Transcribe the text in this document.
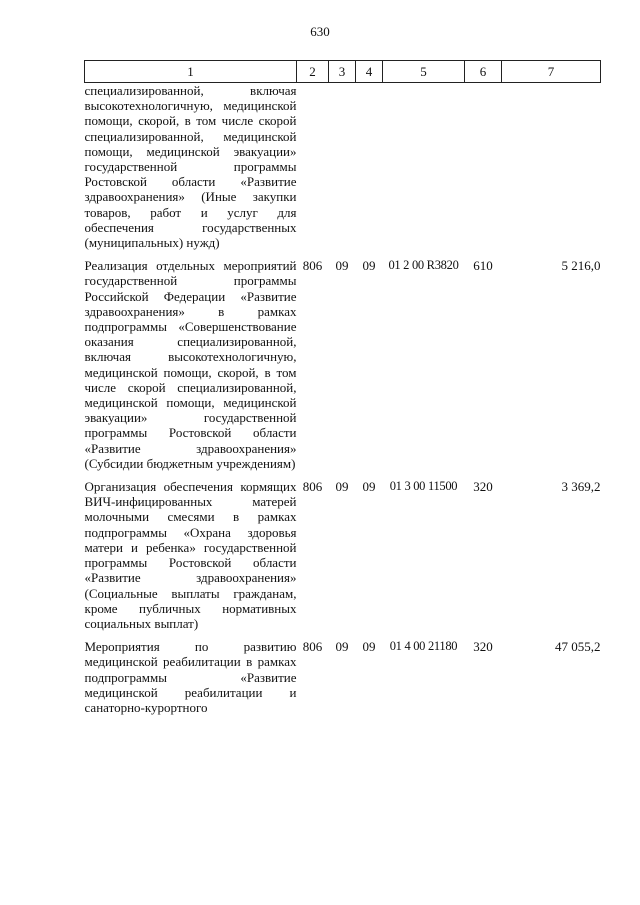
630
1	2	3	4	5	6	7
специализированной, включая высокотехнологичную, медицинской помощи, скорой, в том числе скорой специализированной, медицинской помощи, медицинской эвакуации» государственной программы Ростовской области «Развитие здравоохранения» (Иные закупки товаров, работ и услуг для обеспечения государственных (муниципальных) нужд)						

Реализация отдельных мероприятий государственной программы Российской Федерации «Развитие здравоохранения» в рамках подпрограммы «Совершенствование оказания специализированной, включая высокотехнологичную, медицинской помощи, скорой, в том числе скорой специализированной, медицинской помощи, медицинской эвакуации» государственной программы Ростовской области «Развитие здравоохранения» (Субсидии бюджетным учреждениям)	806	09	09	01 2 00 R3820	610	5 216,0

Организация обеспечения кормящих ВИЧ-инфицированных матерей молочными смесями в рамках подпрограммы «Охрана здоровья матери и ребенка» государственной программы Ростовской области «Развитие здравоохранения» (Социальные выплаты гражданам, кроме публичных нормативных социальных выплат)	806	09	09	01 3 00 11500	320	3 369,2

Мероприятия по развитию медицинской реабилитации в рамках подпрограммы «Развитие медицинской реабилитации и санаторно-курортного	806	09	09	01 4 00 21180	320	47 055,2
